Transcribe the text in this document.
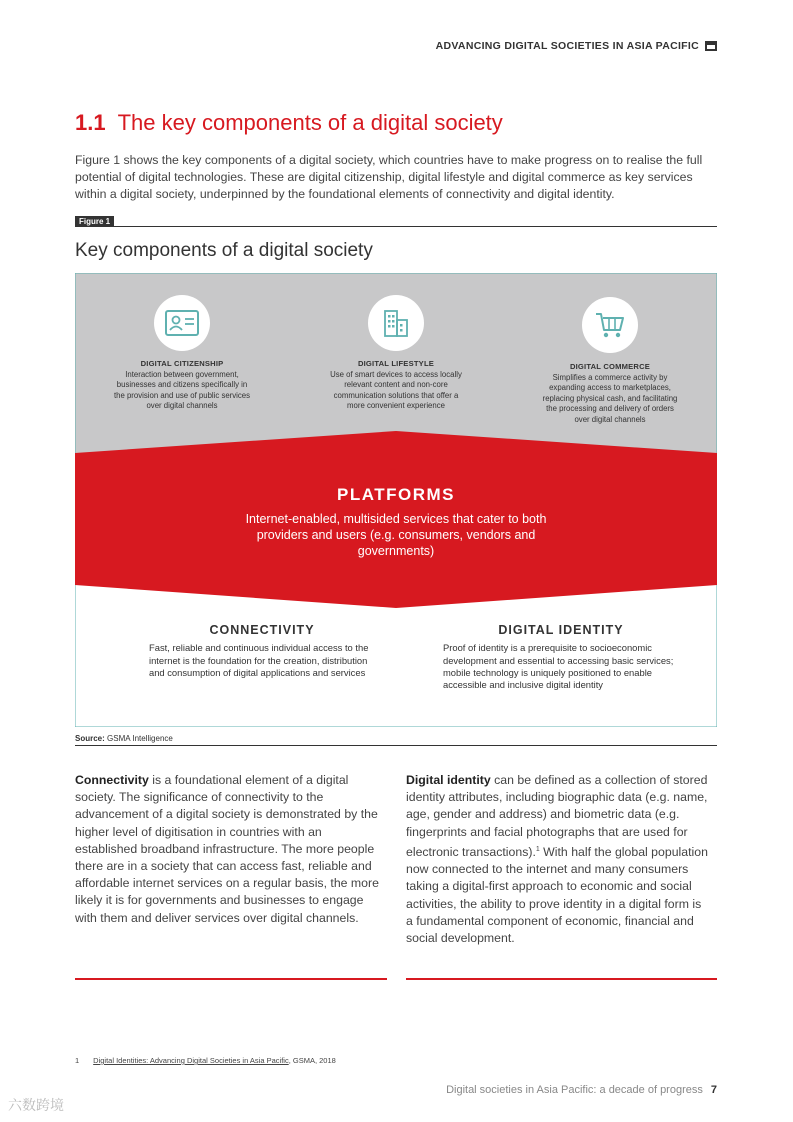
ADVANCING DIGITAL SOCIETIES IN ASIA PACIFIC
1.1 The key components of a digital society
Figure 1 shows the key components of a digital society, which countries have to make progress on to realise the full potential of digital technologies. These are digital citizenship, digital lifestyle and digital commerce as key services within a digital society, underpinned by the foundational elements of connectivity and digital identity.
Figure 1
Key components of a digital society
DIGITAL CITIZENSHIP
Interaction between government, businesses and citizens specifically in the provision and use of public services over digital channels
DIGITAL LIFESTYLE
Use of smart devices to access locally relevant content and non-core communication solutions that offer a more convenient experience
DIGITAL COMMERCE
Simplifies a commerce activity by expanding access to marketplaces, replacing physical cash, and facilitating the processing and delivery of orders over digital channels
PLATFORMS
Internet-enabled, multisided services that cater to both providers and users (e.g. consumers, vendors and governments)
CONNECTIVITY
Fast, reliable and continuous individual access to the internet is the foundation for the creation, distribution and consumption of digital applications and services
DIGITAL IDENTITY
Proof of identity is a prerequisite to socioeconomic development and essential to accessing basic services; mobile technology is uniquely positioned to enable accessible and inclusive digital identity
Source: GSMA Intelligence
Connectivity is a foundational element of a digital society. The significance of connectivity to the advancement of a digital society is demonstrated by the higher level of digitisation in countries with an established broadband infrastructure. The more people there are in a society that can access fast, reliable and affordable internet services on a regular basis, the more likely it is for governments and businesses to engage with them and deliver services over digital channels.
Digital identity can be defined as a collection of stored identity attributes, including biographic data (e.g. name, age, gender and address) and biometric data (e.g. fingerprints and facial photographs that are used for electronic transactions).$^1$ With half the global population now connected to the internet and many consumers taking a digital-first approach to economic and social activities, the ability to prove identity in a digital form is a fundamental component of economic, financial and social development.
1 Digital Identities: Advancing Digital Societies in Asia Pacific, GSMA, 2018
Digital societies in Asia Pacific: a decade of progress 7
六数跨境
